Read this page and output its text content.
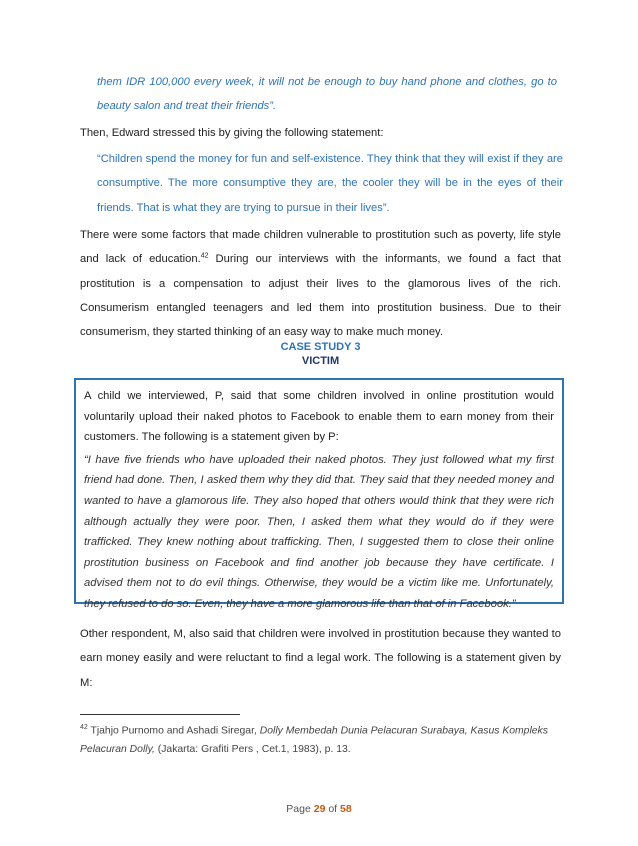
them IDR 100,000 every week, it will not be enough to buy hand phone and clothes, go to beauty salon and treat their friends”.

Then, Edward stressed this by giving the following statement:

“Children spend the money for fun and self-existence. They think that they will exist if they are consumptive. The more consumptive they are, the cooler they will be in the eyes of their friends. That is what they are trying to pursue in their lives”.

There were some factors that made children vulnerable to prostitution such as poverty, life style and lack of education.$^{42}$ During our interviews with the informants, we found a fact that prostitution is a compensation to adjust their lives to the glamorous lives of the rich. Consumerism entangled teenagers and led them into prostitution business. Due to their consumerism, they started thinking of an easy way to make much money.

CASE STUDY 3
VICTIM

A child we interviewed, P, said that some children involved in online prostitution would voluntarily upload their naked photos to Facebook to enable them to earn money from their customers. The following is a statement given by P:

“I have five friends who have uploaded their naked photos. They just followed what my first friend had done. Then, I asked them why they did that. They said that they needed money and wanted to have a glamorous life. They also hoped that others would think that they were rich although actually they were poor. Then, I asked them what they would do if they were trafficked. They knew nothing about trafficking. Then, I suggested them to close their online prostitution business on Facebook and find another job because they have certificate. I advised them not to do evil things. Otherwise, they would be a victim like me. Unfortunately, they refused to do so. Even, they have a more glamorous life than that of in Facebook.”

Other respondent, M, also said that children were involved in prostitution because they wanted to earn money easily and were reluctant to find a legal work. The following is a statement given by M:

$^{42}$ Tjahjo Purnomo and Ashadi Siregar, Dolly Membedah Dunia Pelacuran Surabaya, Kasus Kompleks Pelacuran Dolly, (Jakarta: Grafiti Pers , Cet.1, 1983), p. 13.

Page 29 of 58
